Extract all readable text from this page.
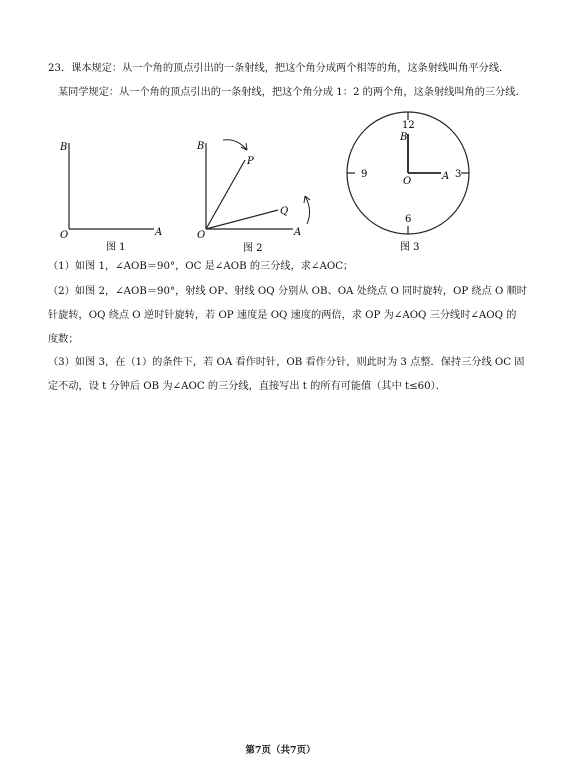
23．课本规定：从一个角的顶点引出的一条射线，把这个角分成两个相等的角，这条射线叫角平分线．
某同学规定：从一个角的顶点引出的一条射线，把这个角分成 1：2 的两个角，这条射线叫角的三分线．
B
O	A
图 1
B
P
Q
O	A
图 2
12
B
9
O	A 3
6
图 3
（1）如图 1，∠AOB＝90°，OC 是∠AOB 的三分线，求∠AOC；
（2）如图 2，∠AOB＝90°，射线 OP、射线 OQ 分别从 OB、OA 处绕点 O 同时旋转，OP 绕点 O 顺时
针旋转，OQ 绕点 O 逆时针旋转，若 OP 速度是 OQ 速度的两倍，求 OP 为∠AOQ 三分线时∠AOQ 的
度数；
（3）如图 3，在（1）的条件下，若 OA 看作时针，OB 看作分针，则此时为 3 点整．保持三分线 OC 固
定不动，设 t 分钟后 OB 为∠AOC 的三分线，直接写出 t 的所有可能值（其中 t≤60）．
第7页（共7页）
